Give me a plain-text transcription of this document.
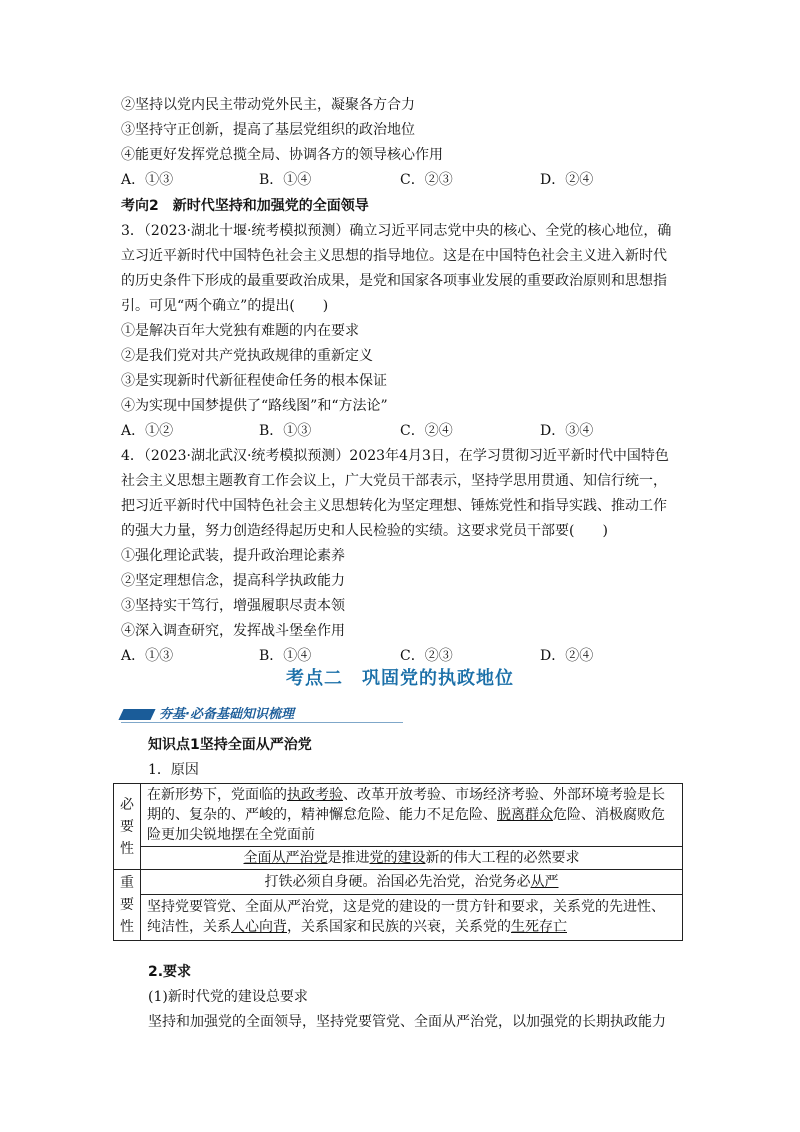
②坚持以党内民主带动党外民主，凝聚各方合力
③坚持守正创新，提高了基层党组织的政治地位
④能更好发挥党总揽全局、协调各方的领导核心作用
A．①③	B．①④	C．②③	D．②④
考向2　新时代坚持和加强党的全面领导
3．（2023·湖北十堰·统考模拟预测）确立习近平同志党中央的核心、全党的核心地位，确
立习近平新时代中国特色社会主义思想的指导地位。这是在中国特色社会主义进入新时代
的历史条件下形成的最重要政治成果，是党和国家各项事业发展的重要政治原则和思想指
引。可见“两个确立”的提出(　　)
①是解决百年大党独有难题的内在要求
②是我们党对共产党执政规律的重新定义
③是实现新时代新征程使命任务的根本保证
④为实现中国梦提供了“路线图”和“方法论”
A．①②	B．①③	C．②④	D．③④
4．（2023·湖北武汉·统考模拟预测）2023年4月3日，在学习贯彻习近平新时代中国特色
社会主义思想主题教育工作会议上，广大党员干部表示，坚持学思用贯通、知信行统一，
把习近平新时代中国特色社会主义思想转化为坚定理想、锤炼党性和指导实践、推动工作
的强大力量，努力创造经得起历史和人民检验的实绩。这要求党员干部要(　　)
①强化理论武装，提升政治理论素养
②坚定理想信念，提高科学执政能力
③坚持实干笃行，增强履职尽责本领
④深入调查研究，发挥战斗堡垒作用
A．①③	B．①④	C．②③	D．②④
考点二　巩固党的执政地位
夯基·必备基础知识梳理
知识点1坚持全面从严治党
1．原因
必
要
性	在新形势下，党面临的执政考验、改革开放考验、市场经济考验、外部环境考验是长期的、复杂的、严峻的，精神懈怠危险、能力不足危险、脱离群众危险、消极腐败危险更加尖锐地摆在全党面前
	全面从严治党是推进党的建设新的伟大工程的必然要求

重
要
性	打铁必须自身硬。治国必先治党，治党务必从严
	坚持党要管党、全面从严治党，这是党的建设的一贯方针和要求，关系党的先进性、纯洁性，关系人心向背，关系国家和民族的兴衰，关系党的生死存亡
2.要求
(1)新时代党的建设总要求
坚持和加强党的全面领导，坚持党要管党、全面从严治党，以加强党的长期执政能力
